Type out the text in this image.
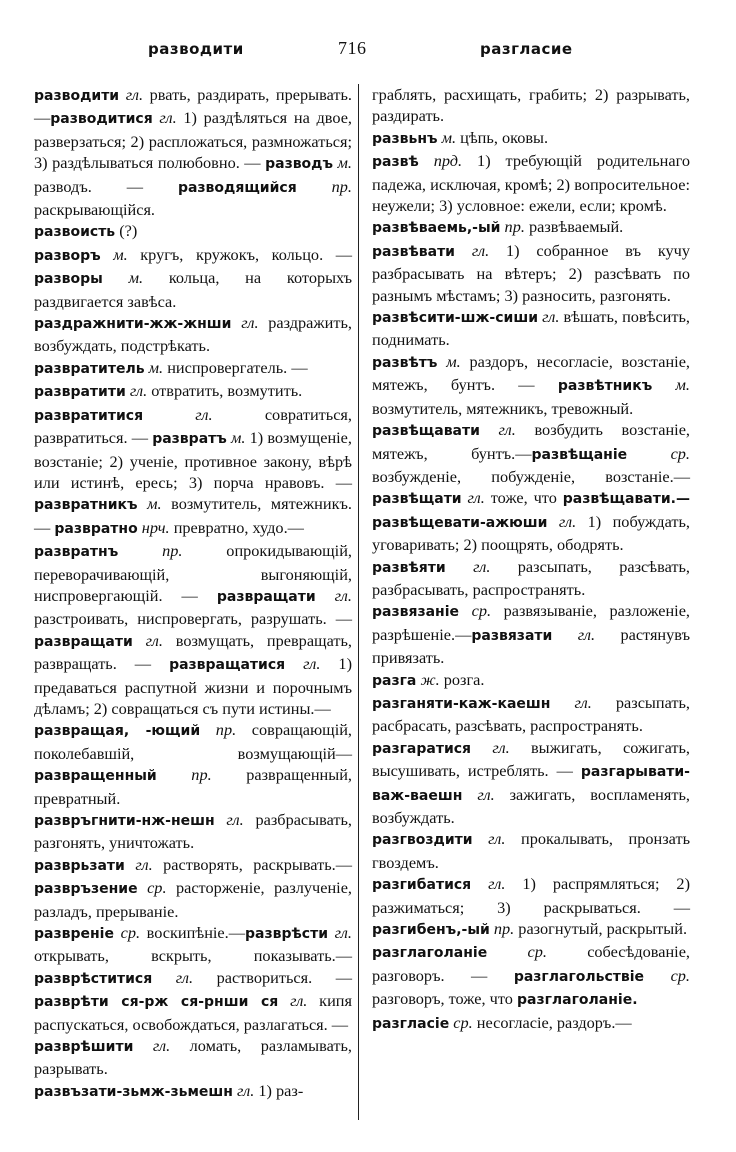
разводити	716	разгласие

разводити гл. рвать, раздирать, прерывать.—разводитися гл. 1) раздѣляться на двое, разверзаться; 2) распложаться, размножаться; 3) раздѣлываться полюбовно. — разводъ м. разводъ. — разводящийся пр. раскрывающійся.

развоисть (?)

разворъ м. кругъ, кружокъ, кольцо. —разворы м. кольца, на которыхъ раздвигается завѣса.

раздражнити-жж-жнши гл. раздражить, возбуждать, подстрѣкать.

развратитель м. ниспровергатель. —

развратити гл. отвратить, возмутить.

развратитися	гл. совратиться, развратиться. — развратъ м. 1) возмущеніе, возстаніе; 2) ученіе, противное закону, вѣрѣ или истинѣ, ересь; 3) порча нравовъ. — развратникъ м. возмутитель, мятежникъ. — развратно нрч. превратно, худо.—

развратнъ	пр. опрокидывающій, переворачивающій, выгоняющій, ниспровергающій. — развращати гл. разстроивать, ниспровергать, разрушать. — развращати гл. возмущать, превращать, развращать. — развращатися гл. 1) предаваться распутной жизни и порочнымъ дѣламъ; 2) совращаться съ пути истины.—

развращая, -ющий пр. совращающій, поколебавшій, возмущающій—развращенный пр. развращенный, превратный.

развръгнити-нж-нешн гл. разбрасывать, разгонять, уничтожать.

разврьзати гл. растворять, раскрывать.—развръзение ср. расторженіе, разлученіе, разладъ, прерываніе.

развреніе ср. воскипѣніе.—разврѣсти гл. открывать, вскрыть, показывать.—разврѣститися гл. раствориться. — разврѣти ся-рж ся-рнши ся гл. кипя распускаться, освобождаться, разлагаться. —

разврѣшити гл. ломать, разламывать, разрывать.

развъзати-зьмж-зьмешн гл. 1) раз-

граблять, расхищать, грабить; 2) разрывать, раздирать.

развьнъ м. цѣпь, оковы.

развѣ прд. 1) требующій родительнаго падежа, исключая, кромѣ; 2) вопросительное: неужели; 3) условное: ежели, если; кромѣ.

развѣваемь,-ый пр. развѣваемый.

развѣвати гл. 1) собранное въ кучу разбрасывать на вѣтеръ; 2) разсѣвать по разнымъ мѣстамъ; 3) разносить, разгонять.

развѣсити-шж-сиши гл. вѣшать, повѣсить, поднимать.

развѣтъ м. раздоръ, несогласіе, возстаніе, мятежъ, бунтъ. — развѣтникъ м. возмутитель, мятежникъ, тревожный.

развѣщавати гл. возбудить возстаніе, мятежъ, бунтъ.—развѣщаніе	ср. возбужденіе, побужденіе, возстаніе.—развѣщати гл. тоже, что развѣщавати.—развѣщевати-ажюши гл. 1) побуждать, уговаривать; 2) поощрять, ободрять.

развѣяти гл. разсыпать, разсѣвать, разбрасывать, распространять.

развязаніе ср. развязываніе, разложеніе, разрѣшеніе.—развязати гл. растянувъ привязать.

разга ж. розга.

разганяти-каж-каешн гл. разсыпать, расбрасать, разсѣвать, распространять.

разгаратися гл. выжигать, сожигать, высушивать, истреблять. — разгарывати-важ-ваешн гл. зажигать, воспламенять, возбуждать.

разгвоздити гл. прокалывать, пронзать гвоздемъ.

разгибатися гл. 1) распрямляться; 2) разжиматься; 3) раскрываться. —разгибенъ,-ый пр. разогнутый, раскрытый.

разглаголаніе ср. собесѣдованіе, разговоръ. — разглагольствіе ср. разговоръ, тоже, что разглаголаніе.

разгласіе ср. несогласіе, раздоръ.—
